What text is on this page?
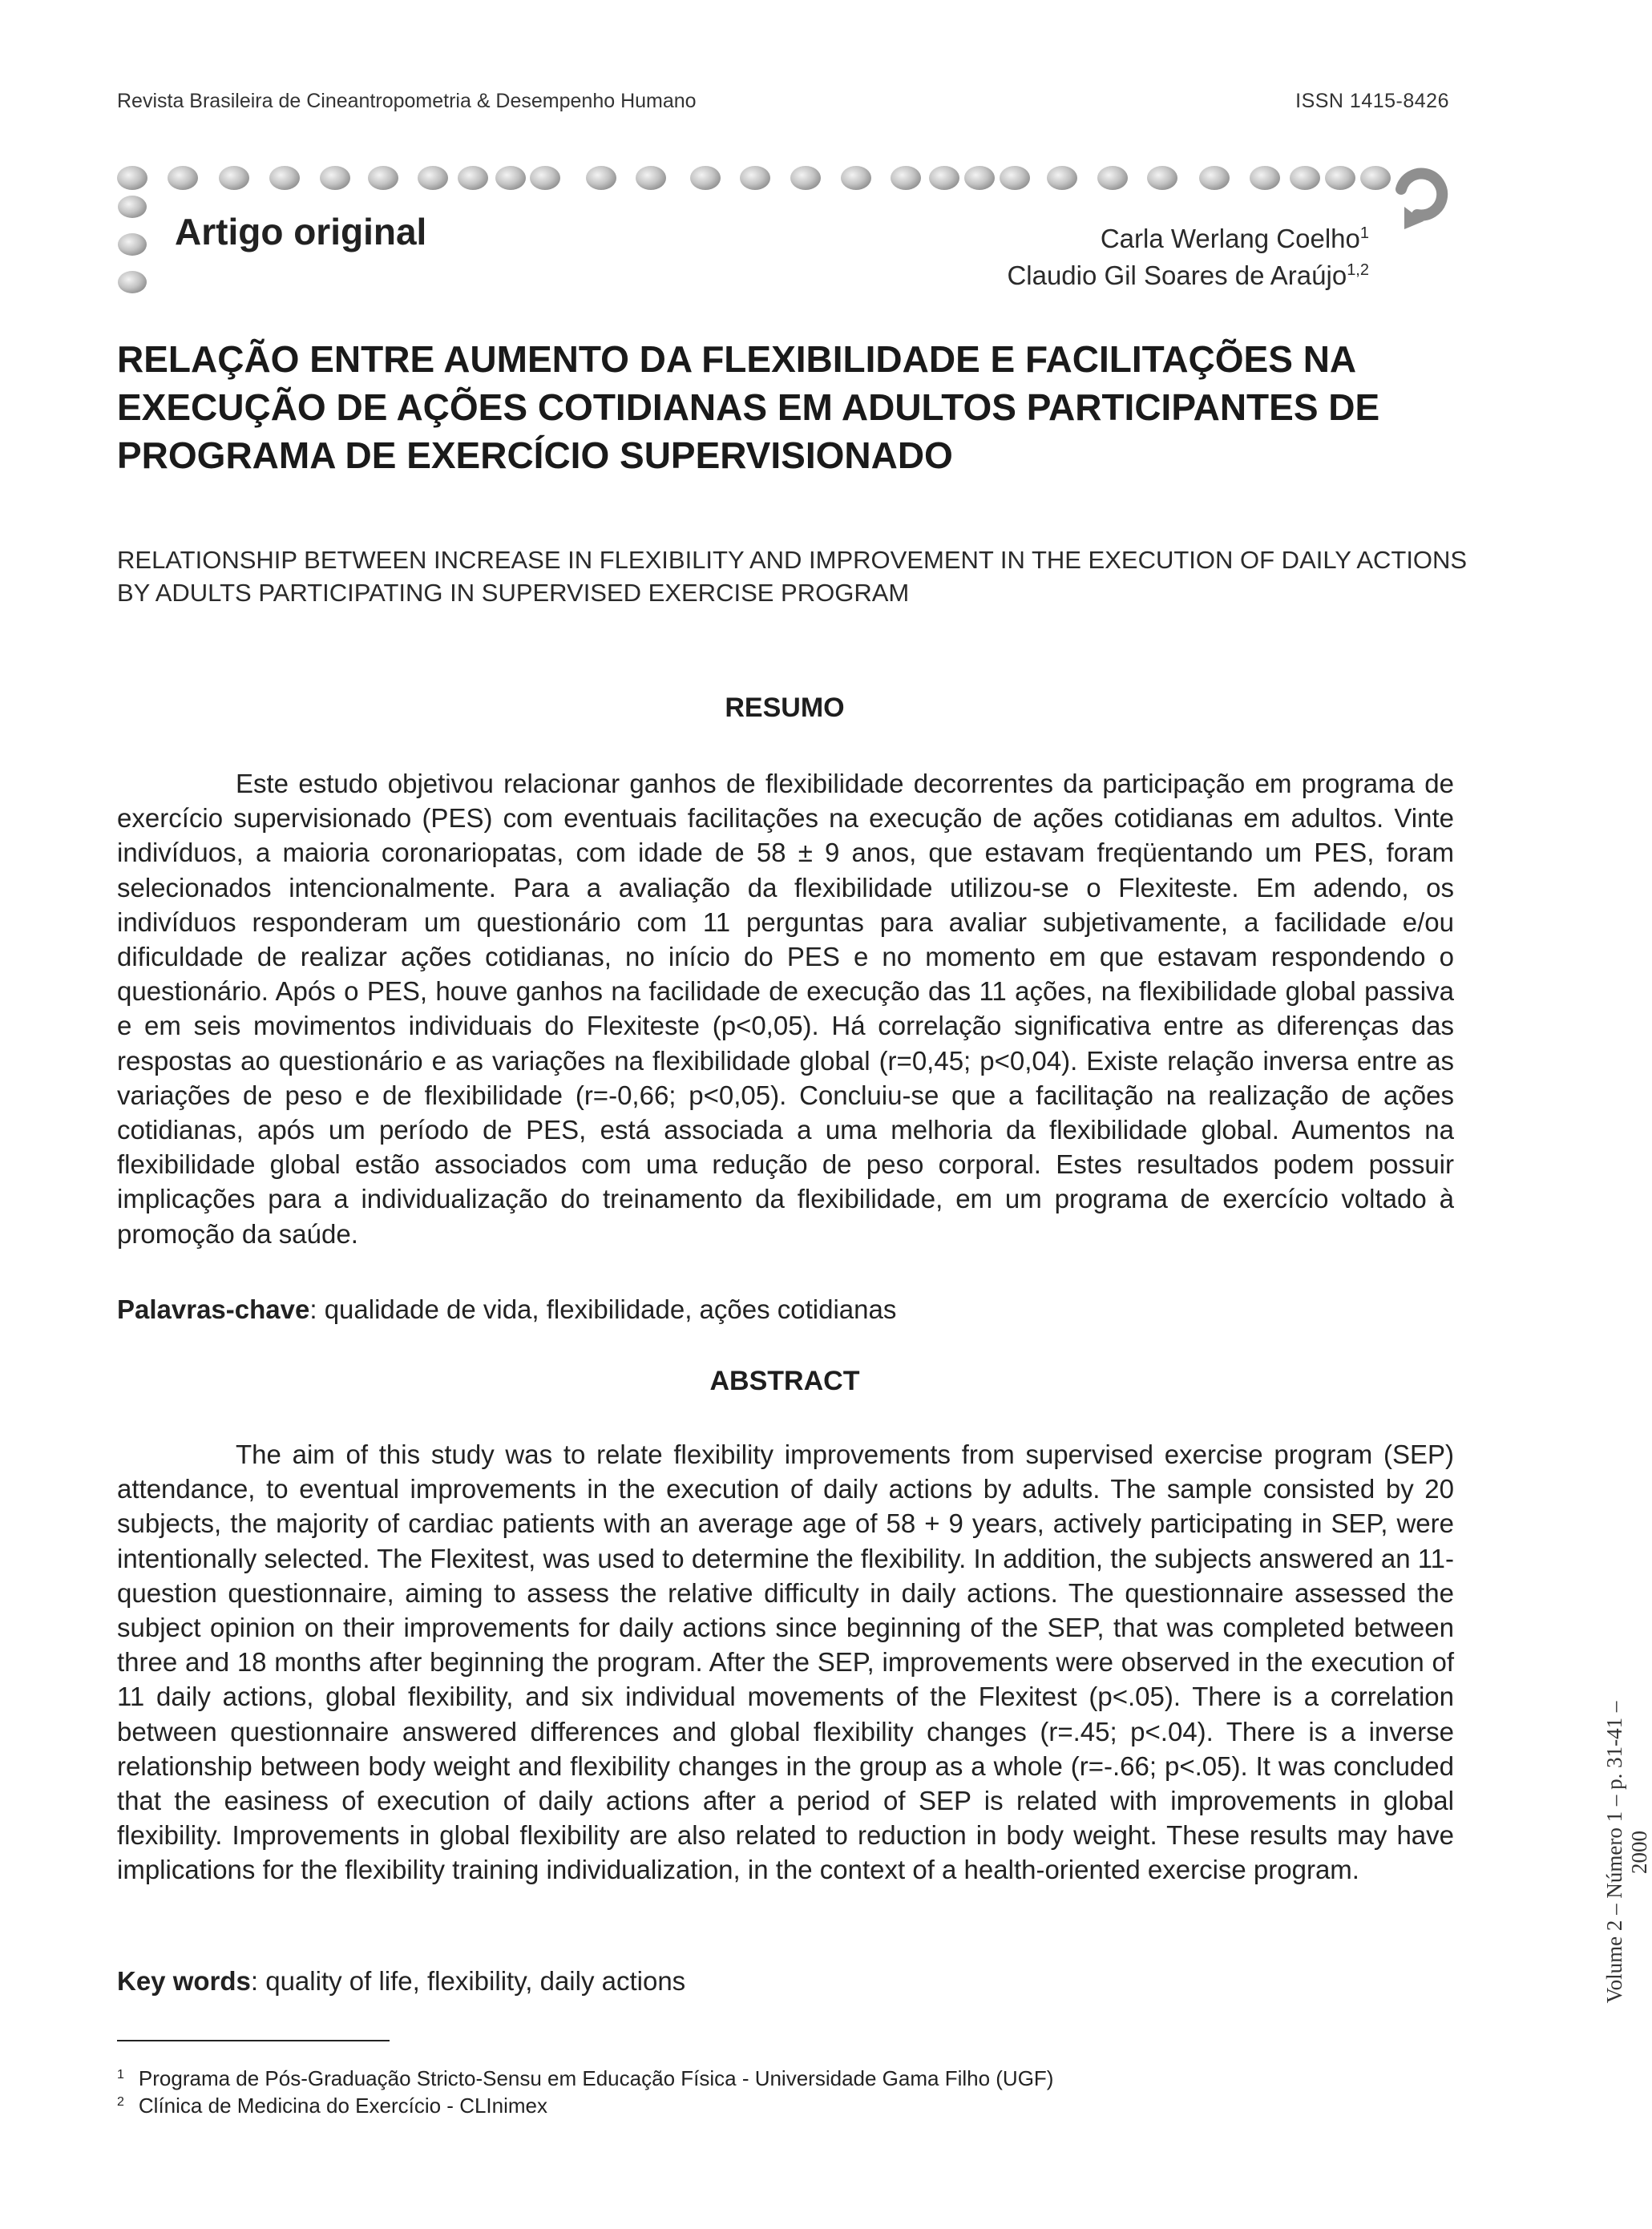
Revista Brasileira de Cineantropometria & Desempenho Humano	ISSN 1415-8426
Artigo original	Carla Werlang Coelho$^1$
Claudio Gil Soares de Araújo$^{1,2}$
RELAÇÃO ENTRE AUMENTO DA FLEXIBILIDADE E FACILITAÇÕES NA EXECUÇÃO DE AÇÕES COTIDIANAS EM ADULTOS PARTICIPANTES DE PROGRAMA DE EXERCÍCIO SUPERVISIONADO

RELATIONSHIP BETWEEN INCREASE IN FLEXIBILITY AND IMPROVEMENT IN THE EXECUTION OF DAILY ACTIONS BY ADULTS PARTICIPATING IN SUPERVISED EXERCISE PROGRAM

RESUMO

Este estudo objetivou relacionar ganhos de flexibilidade decorrentes da participação em programa de exercício supervisionado (PES) com eventuais facilitações na execução de ações cotidianas em adultos. Vinte indivíduos, a maioria coronariopatas, com idade de 58 ± 9 anos, que estavam freqüentando um PES, foram selecionados intencionalmente. Para a avaliação da flexibilidade utilizou-se o Flexiteste. Em adendo, os indivíduos responderam um questionário com 11 perguntas para avaliar subjetivamente, a facilidade e/ou dificuldade de realizar ações cotidianas, no início do PES e no momento em que estavam respondendo o questionário. Após o PES, houve ganhos na facilidade de execução das 11 ações, na flexibilidade global passiva e em seis movimentos individuais do Flexiteste (p<0,05). Há correlação significativa entre as diferenças das respostas ao questionário e as variações na flexibilidade global (r=0,45; p<0,04). Existe relação inversa entre as variações de peso e de flexibilidade (r=-0,66; p<0,05). Concluiu-se que a facilitação na realização de ações cotidianas, após um período de PES, está associada a uma melhoria da flexibilidade global. Aumentos na flexibilidade global estão associados com uma redução de peso corporal. Estes resultados podem possuir implicações para a individualização do treinamento da flexibilidade, em um programa de exercício voltado à promoção da saúde.

Palavras-chave: qualidade de vida, flexibilidade, ações cotidianas
ABSTRACT

The aim of this study was to relate flexibility improvements from supervised exercise program (SEP) attendance, to eventual improvements in the execution of daily actions by adults. The sample consisted by 20 subjects, the majority of cardiac patients with an average age of 58 + 9 years, actively participating in SEP, were intentionally selected. The Flexitest, was used to determine the flexibility. In addition, the subjects answered an 11-question questionnaire, aiming to assess the relative difficulty in daily actions. The questionnaire assessed the subject opinion on their improvements for daily actions since beginning of the SEP, that was completed between three and 18 months after beginning the program. After the SEP, improvements were observed in the execution of 11 daily actions, global flexibility, and six individual movements of the Flexitest (p<.05). There is a correlation between questionnaire answered differences and global flexibility changes (r=.45; p<.04). There is a inverse relationship between body weight and flexibility changes in the group as a whole (r=-.66; p<.05). It was concluded that the easiness of execution of daily actions after a period of SEP is related with improvements in global flexibility. Improvements in global flexibility are also related to reduction in body weight. These results may have implications for the flexibility training individualization, in the context of a health-oriented exercise program.

Key words: quality of life, flexibility, daily actions
$^1$ Programa de Pós-Graduação Stricto-Sensu em Educação Física - Universidade Gama Filho (UGF)
$^2$ Clínica de Medicina do Exercício - CLInimex
Volume 2 – Número 1 – p. 31-41 – 2000
